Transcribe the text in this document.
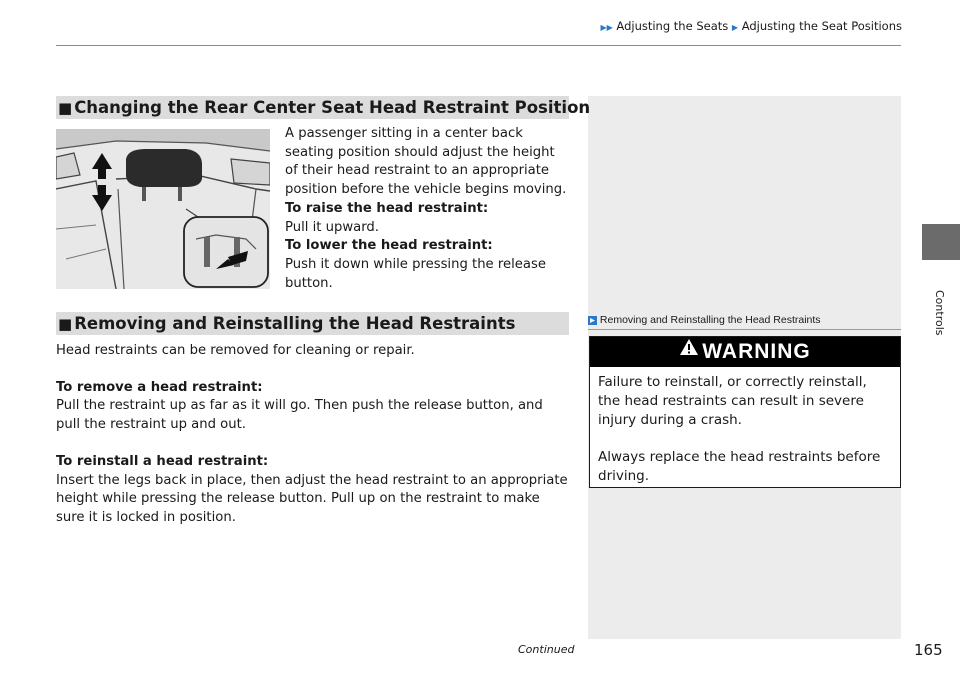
▶▶ Adjusting the Seats ▶ Adjusting the Seat Positions
Controls
■ Changing the Rear Center Seat Head Restraint Position

A passenger sitting in a center back seating position should adjust the height of their head restraint to an appropriate position before the vehicle begins moving.

To raise the head restraint:

Pull it upward.

To lower the head restraint:

Push it down while pressing the release button.

■ Removing and Reinstalling the Head Restraints

Head restraints can be removed for cleaning or repair.

To remove a head restraint:

Pull the restraint up as far as it will go. Then push the release button, and pull the restraint up and out.

To reinstall a head restraint:

Insert the legs back in place, then adjust the head restraint to an appropriate height while pressing the release button. Pull up on the restraint to make sure it is locked in position.

Removing and Reinstalling the Head Restraints
WARNING

Failure to reinstall, or correctly reinstall, the head restraints can result in severe injury during a crash.

Always replace the head restraints before driving.

Continued	165
